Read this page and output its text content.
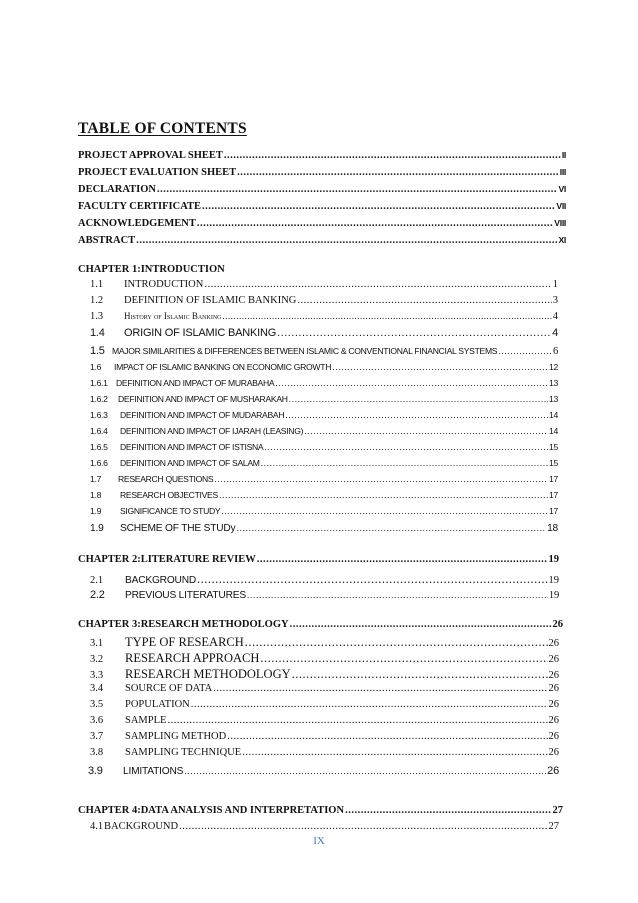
TABLE OF CONTENTS
PROJECT APPROVAL SHEET .....	II
PROJECT EVALUATION SHEET .....	III
DECLARATION .....	VI
FACULTY CERTIFICATE .....	VII
ACKNOWLEDGEMENT .....	VIII
ABSTRACT .....	XI
CHAPTER 1:INTRODUCTION
1.1	INTRODUCTION .....	1
1.2	DEFINITION OF ISLAMIC BANKING .....	3
1.3	History of Islamic Banking .....	4
1.4	ORIGIN OF ISLAMIC BANKING .....	4
1.5 MAJOR SIMILARITIES & DIFFERENCES BETWEEN ISLAMIC & CONVENTIONAL FINANCIAL SYSTEMS .....	6
1.6	IMPACT OF ISLAMIC BANKING ON ECONOMIC GROWTH .....	12
1.6.1 DEFINITION AND IMPACT OF MURABAHA .....	13
1.6.2	DEFINITION AND IMPACT OF MUSHARAKAH .....	13
1.6.3	DEFINITION AND IMPACT OF MUDARABAH .....	14
1.6.4	DEFINITION AND IMPACT OF IJARAH (LEASING) .....	14
1.6.5	DEFINITION AND IMPACT OF ISTISNA .....	15
1.6.6	DEFINITION AND IMPACT OF SALAM .....	15
1.7	RESEARCH QUESTIONS .....	17
1.8	RESEARCH OBJECTIVES .....	17
1.9	SIGNIFICANCE TO STUDY .....	17
1.9	SCHEME OF THE STUDy .....	18
CHAPTER 2:LITERATURE REVIEW .....	19
2.1	BACKGROUND .....	19
2.2	PREVIOUS LITERATURES .....	19
CHAPTER 3:RESEARCH METHODOLOGY .....	26
3.1	TYPE OF RESEARCH .....	26
3.2	RESEARCH APPROACH .....	26
3.3	RESEARCH METHODOLOGY .....	26
3.4	SOURCE OF DATA .....	26
3.5	POPULATION .....	26
3.6	SAMPLE .....	26
3.7	SAMPLING METHOD .....	26
3.8	SAMPLING TECHNIQUE .....	26
3.9	LIMITATIONS .....	26
CHAPTER 4:DATA ANALYSIS AND INTERPRETATION .....	27
4.1 BACKGROUND .....	27
IX
